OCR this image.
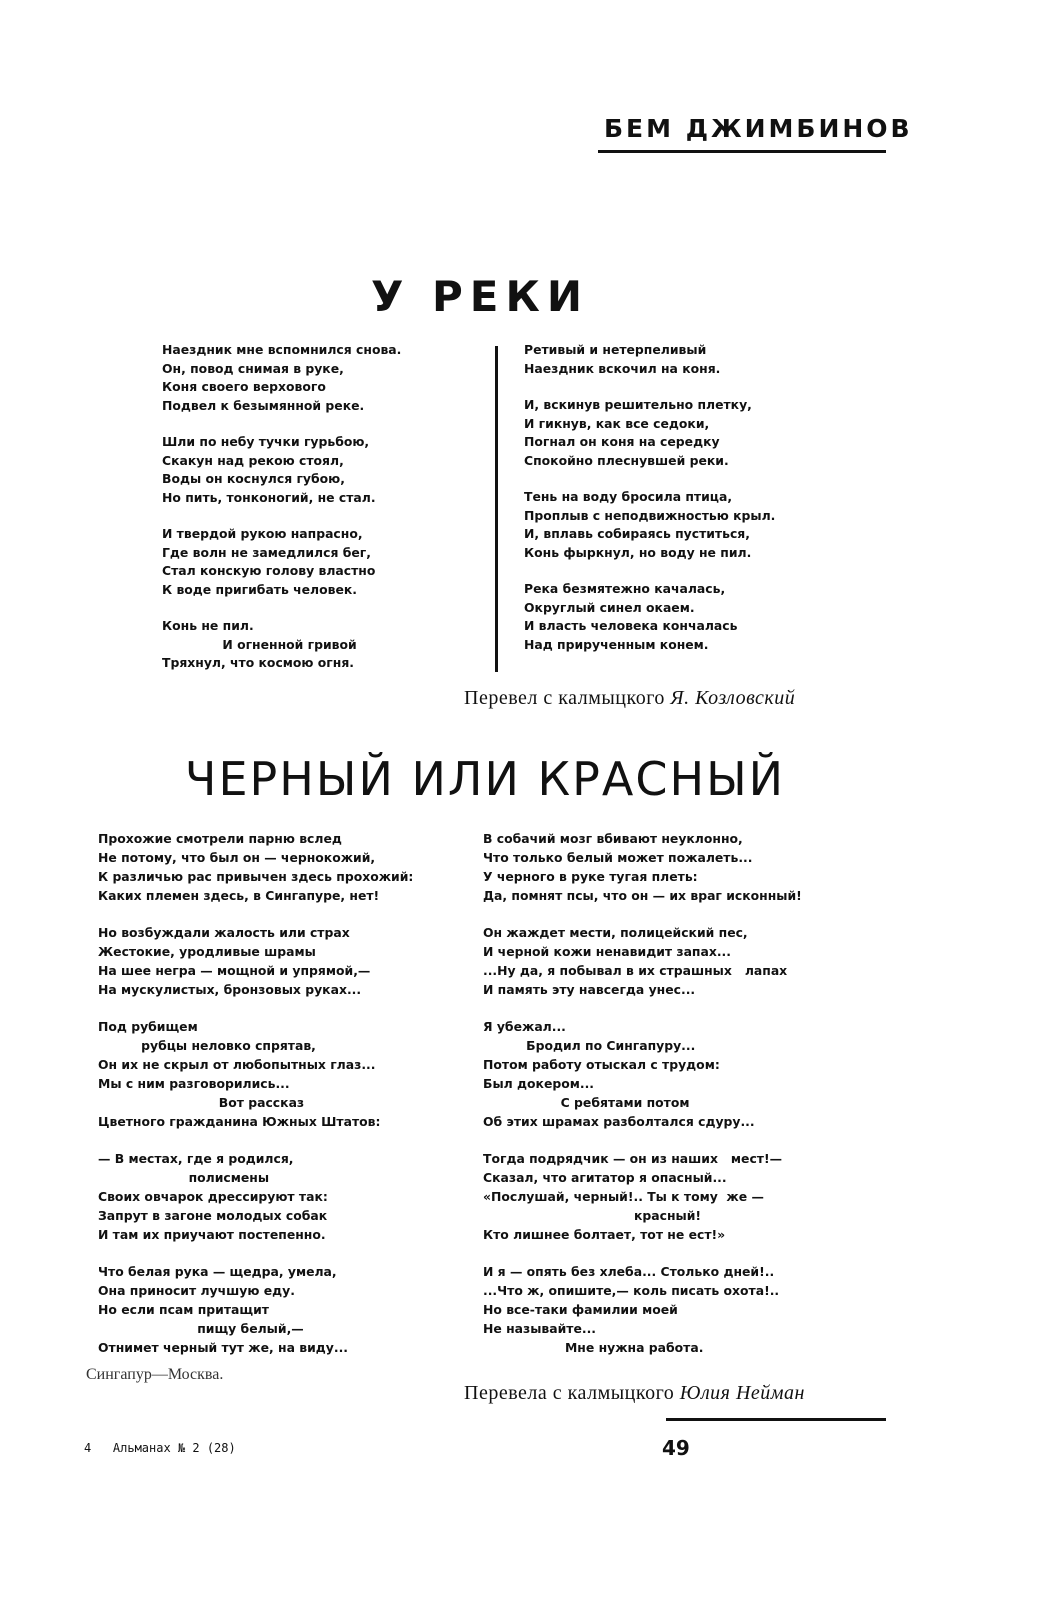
БЕМ ДЖИМБИНОВ
У РЕКИ
Наездник мне вспомнился снова.
Он, повод снимая в руке,
Коня своего верхового
Подвел к безымянной реке.
Шли по небу тучки гурьбою,
Скакун над рекою стоял,
Воды он коснулся губою,
Но пить, тонконогий, не стал.
И твердой рукою напрасно,
Где волн не замедлился бег,
Стал конскую голову властно
К воде пригибать человек.
Конь не пил.
И огненной гривой
Тряхнул, что космою огня.
Ретивый и нетерпеливый
Наездник вскочил на коня.
И, вскинув решительно плетку,
И гикнув, как все седоки,
Погнал он коня на середку
Спокойно плеснувшей реки.
Тень на воду бросила птица,
Проплыв с неподвижностью крыл.
И, вплавь собираясь пуститься,
Конь фыркнул, но воду не пил.
Река безмятежно качалась,
Округлый синел окаем.
И власть человека кончалась
Над прирученным конем.
Перевел с калмыцкого Я. Козловский
ЧЕРНЫЙ ИЛИ КРАСНЫЙ
Прохожие смотрели парню вслед
Не потому, что был он — чернокожий,
К различью рас привычен здесь прохожий:
Каких племен здесь, в Сингапуре, нет!
Но возбуждали жалость или страх
Жестокие, уродливые шрамы
На шее негра — мощной и упрямой,—
На мускулистых, бронзовых руках...
Под рубищем
рубцы неловко спрятав,
Он их не скрыл от любопытных глаз...
Мы с ним разговорились...
Вот рассказ
Цветного гражданина Южных Штатов:
— В местах, где я родился,
полисмены
Своих овчарок дрессируют так:
Запрут в загоне молодых собак
И там их приучают постепенно.
Что белая рука — щедра, умела,
Она приносит лучшую еду.
Но если псам притащит
пищу белый,—
Отнимет черный тут же, на виду...
В собачий мозг вбивают неуклонно,
Что только белый может пожалеть...
У черного в руке тугая плеть:
Да, помнят псы, что он — их враг исконный!
Он жаждет мести, полицейский пес,
И черной кожи ненавидит запах...
...Ну да, я побывал в их страшных   лапах
И память эту навсегда унес...
Я убежал...
Бродил по Сингапуру...
Потом работу отыскал с трудом:
Был докером...
С ребятами потом
Об этих шрамах разболтался сдуру...
Тогда подрядчик — он из наших   мест!—
Сказал, что агитатор я опасный...
«Послушай, черный!.. Ты к тому  же —
красный!
Кто лишнее болтает, тот не ест!»
И я — опять без хлеба... Столько дней!..
...Что ж, опишите,— коль писать охота!..
Но все-таки фамилии моей
Не называйте...
Мне нужна работа.
Сингапур—Москва.
Перевела с калмыцкого Юлия Нейман
4   Альманах № 2 (28)	49
